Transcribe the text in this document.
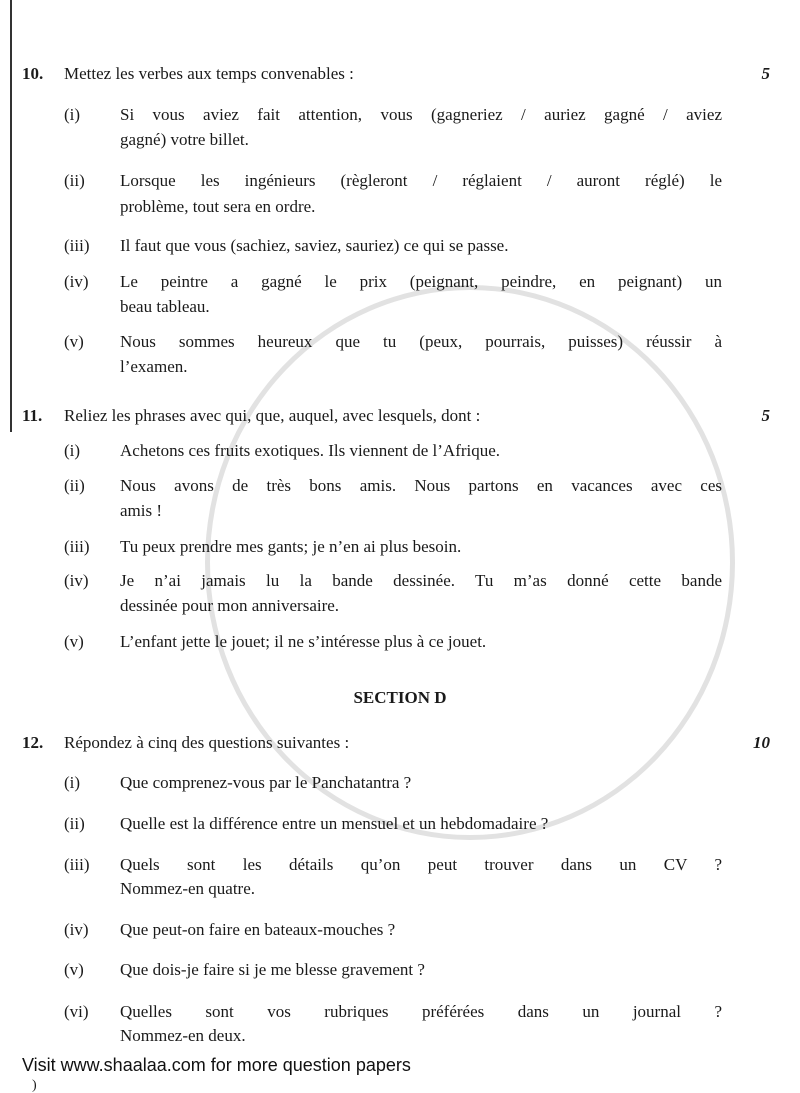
10. Mettez les verbes aux temps convenables :	5
(i) Si vous aviez fait attention, vous (gagneriez / auriez gagné / aviez
gagné) votre billet.
(ii) Lorsque les ingénieurs (règleront / réglaient / auront réglé) le
problème, tout sera en ordre.
(iii) Il faut que vous (sachiez, saviez, sauriez) ce qui se passe.
(iv) Le peintre a gagné le prix (peignant, peindre, en peignant) un
beau tableau.
(v) Nous sommes heureux que tu (peux, pourrais, puisses) réussir à
l’examen.
11. Reliez les phrases avec qui, que, auquel, avec lesquels, dont :	5
(i) Achetons ces fruits exotiques. Ils viennent de l’Afrique.
(ii) Nous avons de très bons amis. Nous partons en vacances avec ces
amis !
(iii) Tu peux prendre mes gants; je n’en ai plus besoin.
(iv) Je n’ai jamais lu la bande dessinée. Tu m’as donné cette bande
dessinée pour mon anniversaire.
(v) L’enfant jette le jouet; il ne s’intéresse plus à ce jouet.
12. Répondez à cinq des questions suivantes :	10
(i) Que comprenez-vous par le Panchatantra ?
(ii) Quelle est la différence entre un mensuel et un hebdomadaire ?
(iii) Quels sont les détails qu’on peut trouver dans un CV ?
Nommez-en quatre.
(iv) Que peut-on faire en bateaux-mouches ?
(v) Que dois-je faire si je me blesse gravement ?
(vi) Quelles sont vos rubriques préférées dans un journal ?
Nommez-en deux.
SECTION D
Visit www.shaalaa.com for more question papers
)
